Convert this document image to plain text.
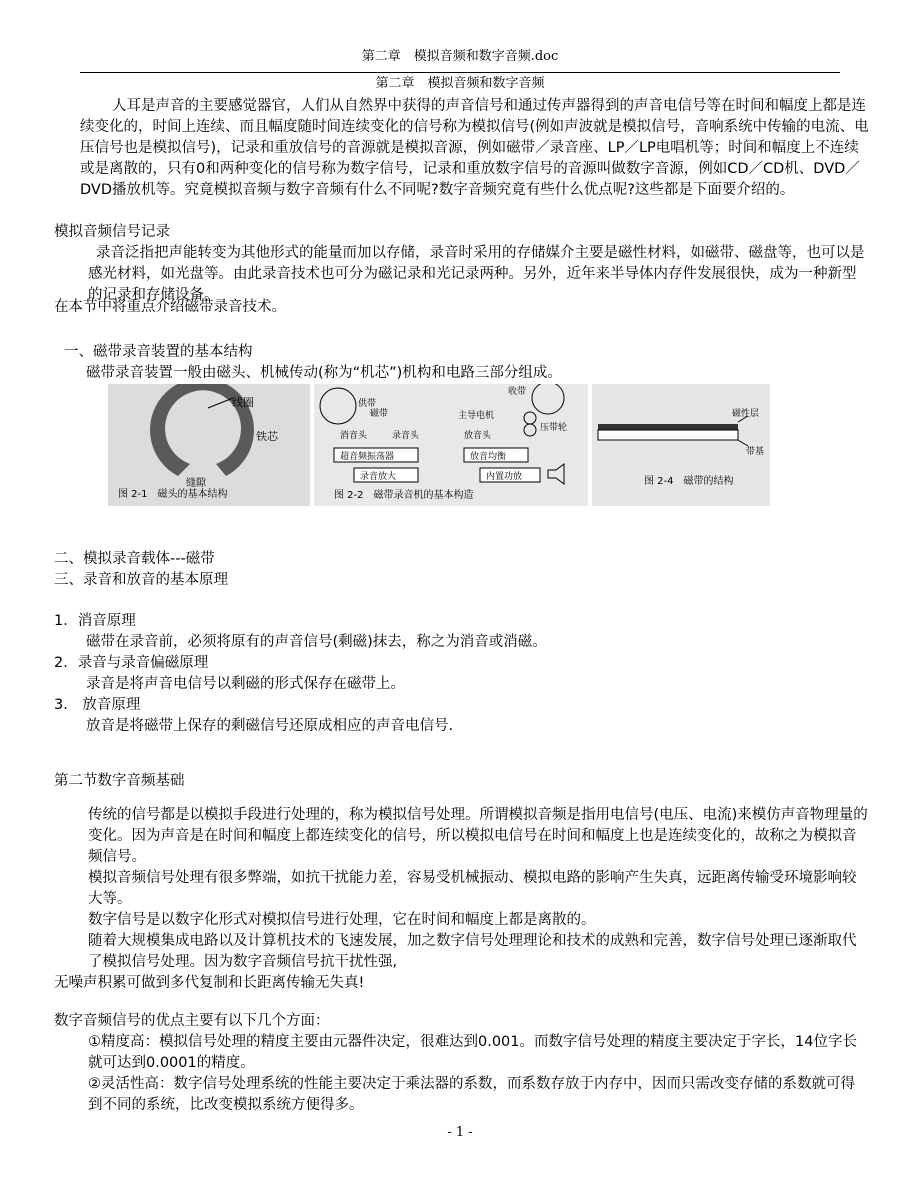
第二章　模拟音频和数字音频.doc
第二章　模拟音频和数字音频

人耳是声音的主要感觉器官，人们从自然界中获得的声音信号和通过传声器得到的声音电信号等在时间和幅度上都是连续变化的，时间上连续、而且幅度随时间连续变化的信号称为模拟信号(例如声波就是模拟信号，音响系统中传输的电流、电压信号也是模拟信号)，记录和重放信号的音源就是模拟音源，例如磁带／录音座、LP／LP电唱机等；时间和幅度上不连续或是离散的，只有0和两种变化的信号称为数字信号，记录和重放数字信号的音源叫做数字音源，例如CD／CD机、DVD／DVD播放机等。究竟模拟音频与数字音频有什么不同呢?数字音频究竟有些什么优点呢?这些都是下面要介绍的。

模拟音频信号记录

录音泛指把声能转变为其他形式的能量而加以存储，录音时采用的存储媒介主要是磁性材料，如磁带、磁盘等，也可以是感光材料，如光盘等。由此录音技术也可分为磁记录和光记录两种。另外，近年来半导体内存件发展很快，成为一种新型的记录和存储设备。

在本节中将重点介绍磁带录音技术。

一、磁带录音装置的基本结构

磁带录音装置一般由磁头、机械传动(称为“机芯”)机构和电路三部分组成。

线圈
铁芯
缝隙
图 2-1　磁头的基本结构
供带
磁带
收带
主导电机
压带轮
消音头	录音头	放音头
超音频振荡器	放音均衡
录音放大	内置功放
图 2-2　磁带录音机的基本构造
磁性层
带基
图 2-4　磁带的结构

二、模拟录音载体---磁带

三、录音和放音的基本原理

1．消音原理

磁带在录音前，必须将原有的声音信号(剩磁)抹去，称之为消音或消磁。

2．录音与录音偏磁原理

录音是将声音电信号以剩磁的形式保存在磁带上。

3.　放音原理

放音是将磁带上保存的剩磁信号还原成相应的声音电信号.

第二节数字音频基础

传统的信号都是以模拟手段进行处理的，称为模拟信号处理。所谓模拟音频是指用电信号(电压、电流)来模仿声音物理量的变化。因为声音是在时间和幅度上都连续变化的信号，所以模拟电信号在时间和幅度上也是连续变化的，故称之为模拟音频信号。

模拟音频信号处理有很多弊端，如抗干扰能力差，容易受机械振动、模拟电路的影响产生失真，远距离传输受环境影响较大等。

数字信号是以数字化形式对模拟信号进行处理，它在时间和幅度上都是离散的。

随着大规模集成电路以及计算机技术的飞速发展，加之数字信号处理理论和技术的成熟和完善，数字信号处理已逐渐取代了模拟信号处理。因为数字音频信号抗干扰性强,

无噪声积累可做到多代复制和长距离传输无失真!

数字音频信号的优点主要有以下几个方面：

①精度高：模拟信号处理的精度主要由元器件决定，很难达到0.001。而数字信号处理的精度主要决定于字长，14位字长就可达到0.0001的精度。

②灵活性高：数字信号处理系统的性能主要决定于乘法器的系数，而系数存放于内存中，因而只需改变存储的系数就可得到不同的系统，比改变模拟系统方便得多。

- 1 -
